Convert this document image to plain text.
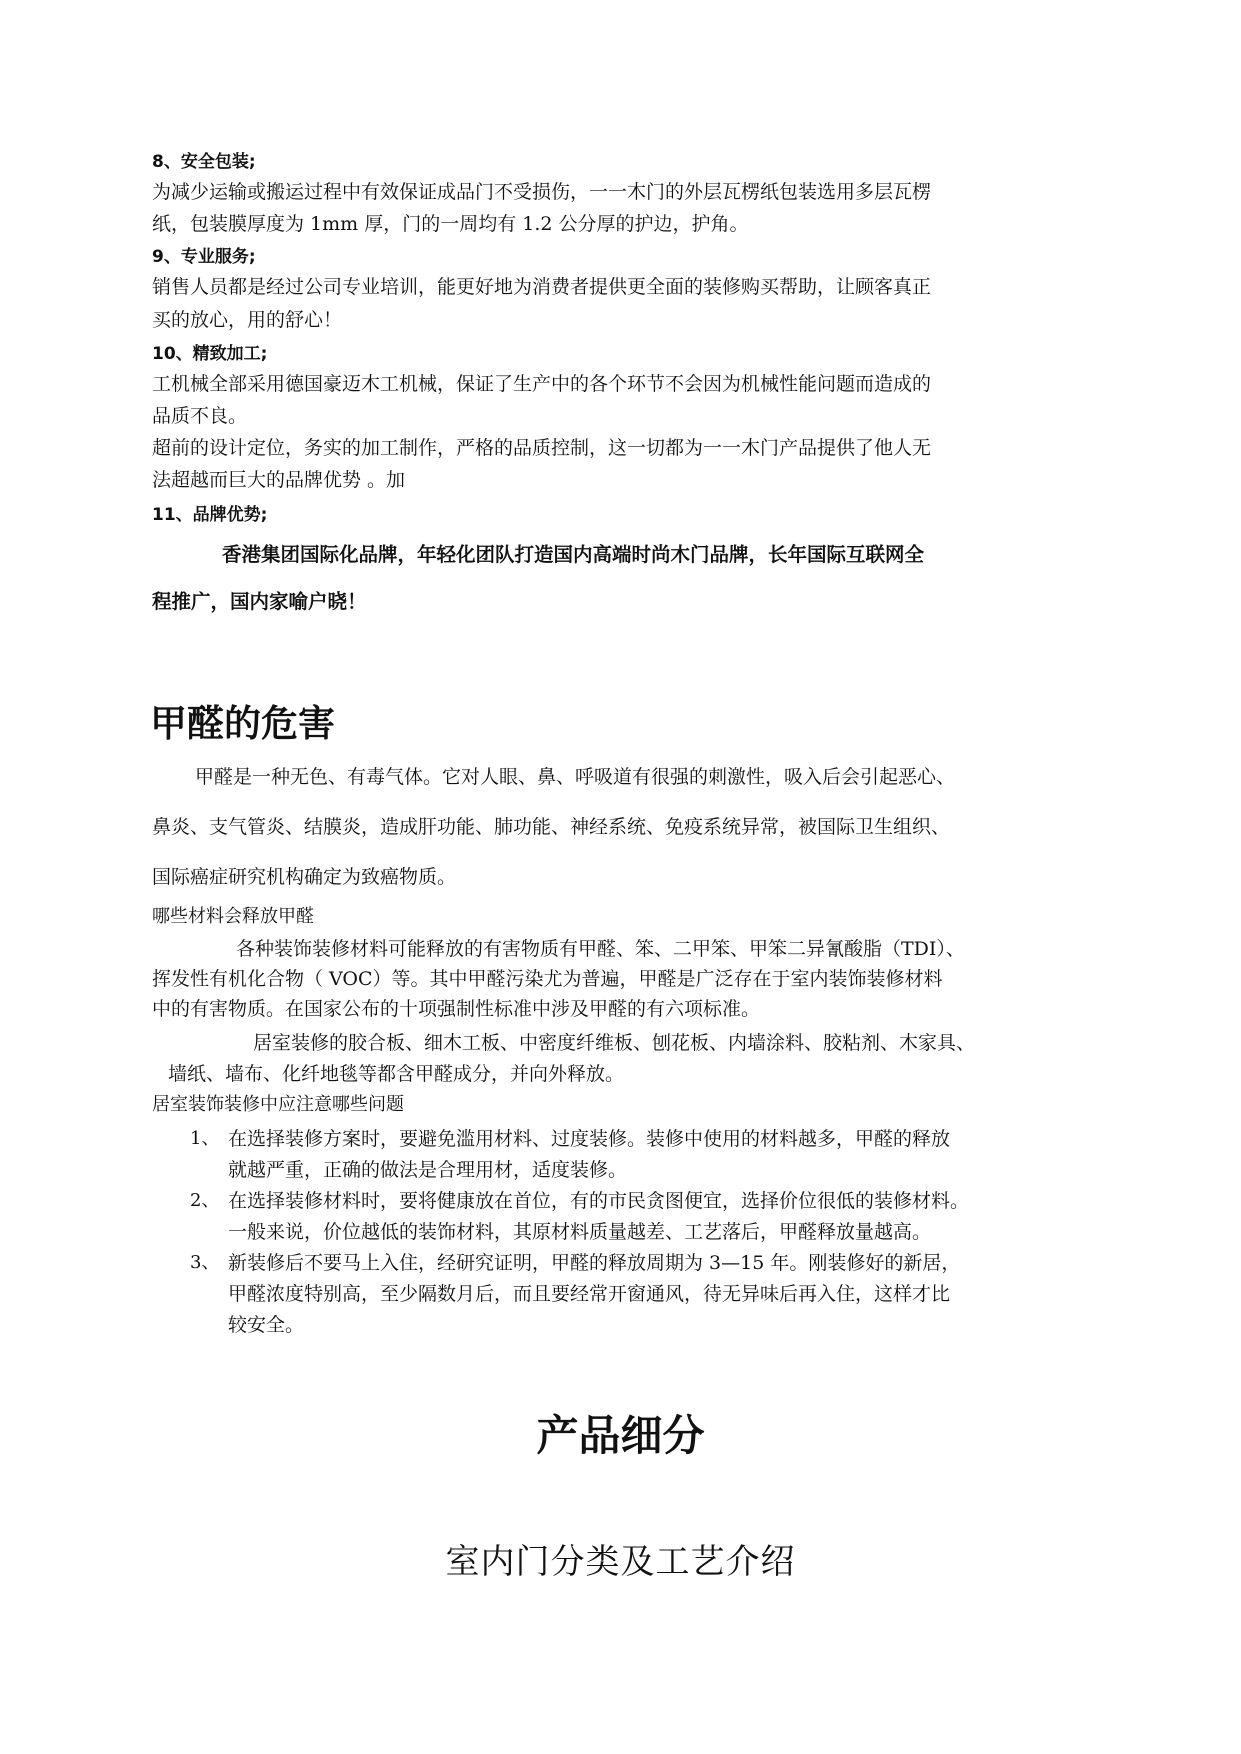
8、安全包装;
为减少运输或搬运过程中有效保证成品门不受损伤，一一木门的外层瓦楞纸包装选用多层瓦楞
纸，包装膜厚度为 1mm 厚，门的一周均有 1.2 公分厚的护边，护角。
9、专业服务;
销售人员都是经过公司专业培训，能更好地为消费者提供更全面的装修购买帮助，让顾客真正
买的放心，用的舒心！
10、精致加工;
工机械全部采用德国豪迈木工机械，保证了生产中的各个环节不会因为机械性能问题而造成的
品质不良。
超前的设计定位，务实的加工制作，严格的品质控制，这一切都为一一木门产品提供了他人无
法超越而巨大的品牌优势 。加
11、品牌优势;
香港集团国际化品牌，年轻化团队打造国内高端时尚木门品牌，长年国际互联网全
程推广，国内家喻户晓！
甲醛的危害
甲醛是一种无色、有毒气体。它对人眼、鼻、呼吸道有很强的刺激性，吸入后会引起恶心、
鼻炎、支气管炎、结膜炎，造成肝功能、肺功能、神经系统、免疫系统异常，被国际卫生组织、
国际癌症研究机构确定为致癌物质。
哪些材料会释放甲醛
各种装饰装修材料可能释放的有害物质有甲醛、笨、二甲笨、甲笨二异氰酸脂（TDI）、
挥发性有机化合物（ VOC）等。其中甲醛污染尤为普遍，甲醛是广泛存在于室内装饰装修材料
中的有害物质。在国家公布的十项强制性标准中涉及甲醛的有六项标准。
居室装修的胶合板、细木工板、中密度纤维板、刨花板、内墙涂料、胶粘剂、木家具、
墙纸、墙布、化纤地毯等都含甲醛成分，并向外释放。
居室装饰装修中应注意哪些问题
1、 在选择装修方案时，要避免滥用材料、过度装修。装修中使用的材料越多，甲醛的释放
就越严重，正确的做法是合理用材，适度装修。
2、 在选择装修材料时，要将健康放在首位，有的市民贪图便宜，选择价位很低的装修材料。
一般来说，价位越低的装饰材料，其原材料质量越差、工艺落后，甲醛释放量越高。
3、 新装修后不要马上入住，经研究证明，甲醛的释放周期为 3—15 年。刚装修好的新居，
甲醛浓度特别高，至少隔数月后，而且要经常开窗通风，待无异味后再入住，这样才比
较安全。
产品细分
室内门分类及工艺介绍
